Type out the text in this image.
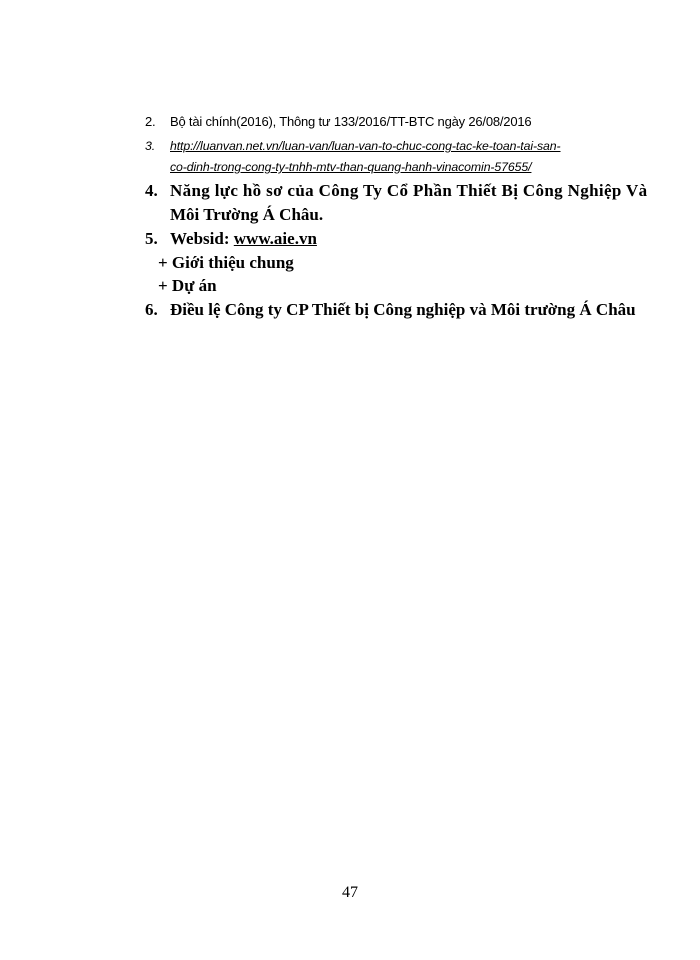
2. Bộ tài chính(2016), Thông tư 133/2016/TT-BTC ngày 26/08/2016
3. http://luanvan.net.vn/luan-van/luan-van-to-chuc-cong-tac-ke-toan-tai-san-
co-dinh-trong-cong-ty-tnhh-mtv-than-quang-hanh-vinacomin-57655/
4. Năng lực hồ sơ của Công Ty Cổ Phần Thiết Bị Công Nghiệp Và
Môi Trường Á Châu.
5. Websid: www.aie.vn
+ Giới thiệu chung
+ Dự án
6. Điều lệ Công ty CP Thiết bị Công nghiệp và Môi trường Á Châu
47
